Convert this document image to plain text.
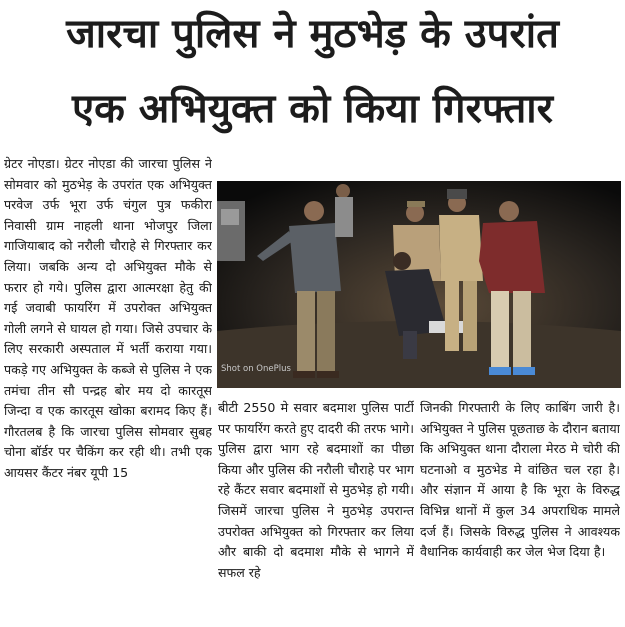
जारचा पुलिस ने मुठभेड़ के उपरांत
एक अभियुक्त को किया गिरफ्तार

ग्रेटर नोएडा। ग्रेटर नोएडा की जारचा पुलिस ने सोमवार को मुठभेड़ के उपरांत एक अभियुक्त परवेज उर्फ भूरा उर्फ चंगुल पुत्र फकीरा निवासी ग्राम नाहली थाना भोजपुर जिला गाजियाबाद को नरौली चौराहे से गिरफ्तार कर लिया। जबकि अन्य दो अभियुक्त मौके से फरार हो गये। पुलिस द्वारा आत्मरक्षा हेतु की गई जवाबी फायरिंग में उपरोक्त अभियुक्त गोली लगने से घायल हो गया। जिसे उपचार के लिए सरकारी अस्पताल में भर्ती कराया गया। पकड़े गए अभियुक्त के कब्जे से पुलिस ने एक तमंचा तीन सौ पन्द्रह बोर मय दो कारतूस जिन्दा व एक कारतूस खोका बरामद किए हैं। गौरतलब है कि जारचा पुलिस सोमवार सुबह चोना बॉर्डर पर चैकिंग कर रही थी। तभी एक आयसर कैंटर नंबर यूपी 15

Shot on OnePlus

बीटी 2550 मे सवार बदमाश पुलिस पार्टी पर फायरिंग करते हुए दादरी की तरफ भागे। पुलिस द्वारा भाग रहे बदमाशों का पीछा किया और पुलिस की नरौली चौराहे पर भाग रहे कैंटर सवार बदमाशों से मुठभेड़ हो गयी। जिसमें जारचा पुलिस ने मुठभेड़ उपरान्त उपरोक्त अभियुक्त को गिरफ्तार कर लिया और बाकी दो बदमाश मौके से भागने में सफल रहे

जिनकी गिरफ्तारी के लिए काबिंग जारी है।अभियुक्त ने पुलिस पूछताछ के दौरान बताया कि अभियुक्त थाना दौराला मेरठ मे चोरी की घटनाओ व मुठभेड मे वांछित चल रहा है। और संज्ञान में आया है कि भूरा के विरुद्ध विभिन्न थानों में कुल 34 अपराधिक मामले दर्ज हैं। जिसके विरुद्ध पुलिस ने आवश्यक वैधानिक कार्यवाही कर जेल भेज दिया है।
